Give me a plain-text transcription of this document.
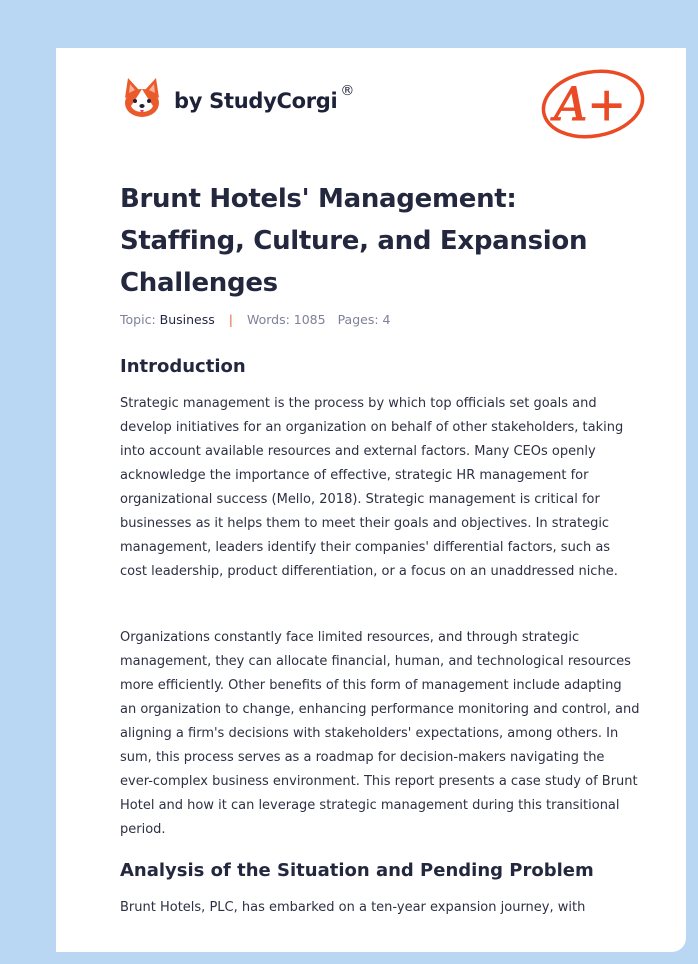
by StudyCorgi ®	A+
Brunt Hotels' Management: Staffing, Culture, and Expansion Challenges
Topic: Business | Words: 1085 Pages: 4
Introduction

Strategic management is the process by which top officials set goals and develop initiatives for an organization on behalf of other stakeholders, taking into account available resources and external factors. Many CEOs openly acknowledge the importance of effective, strategic HR management for organizational success (Mello, 2018). Strategic management is critical for businesses as it helps them to meet their goals and objectives. In strategic management, leaders identify their companies' differential factors, such as cost leadership, product differentiation, or a focus on an unaddressed niche.

Organizations constantly face limited resources, and through strategic management, they can allocate financial, human, and technological resources more efficiently. Other benefits of this form of management include adapting an organization to change, enhancing performance monitoring and control, and aligning a firm's decisions with stakeholders' expectations, among others. In sum, this process serves as a roadmap for decision-makers navigating the ever-complex business environment. This report presents a case study of Brunt Hotel and how it can leverage strategic management during this transitional period.

Analysis of the Situation and Pending Problem

Brunt Hotels, PLC, has embarked on a ten-year expansion journey, with
